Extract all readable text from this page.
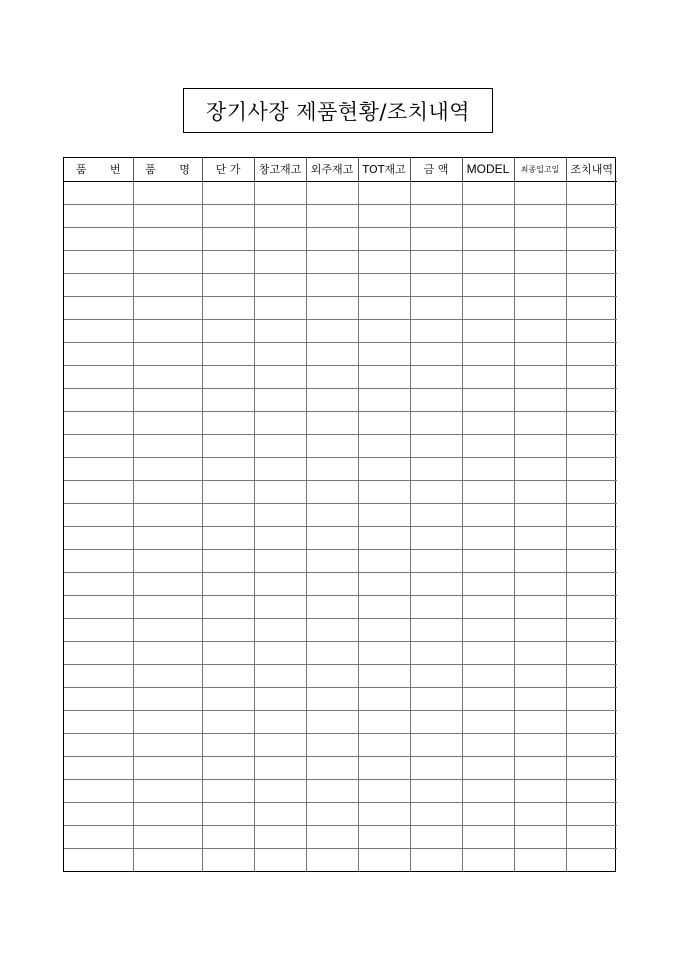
장기사장 제품현황/조치내역
품 번	품 명	단 가	창고재고	외주재고	TOT재고	금 액	MODEL	최종입고일	조치내역
